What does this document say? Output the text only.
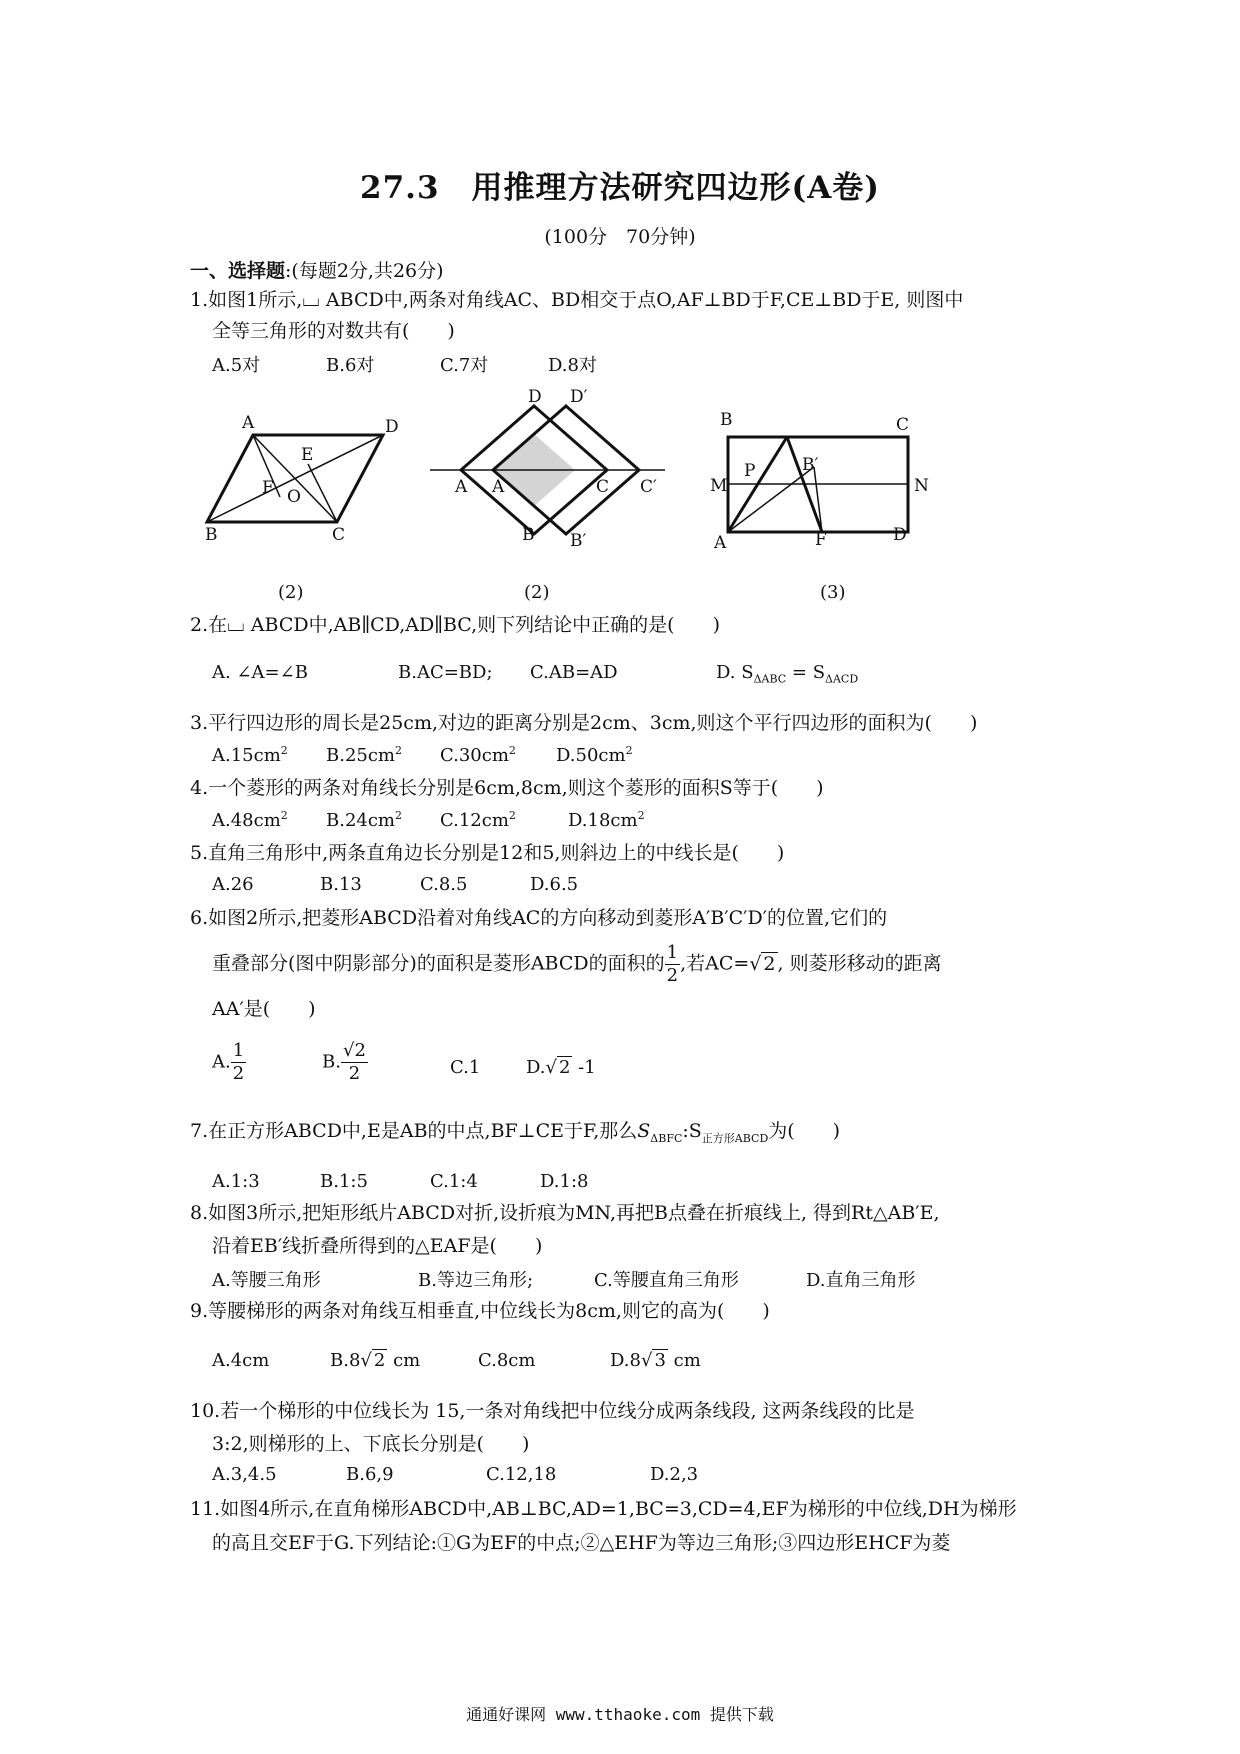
27.3　用推理方法研究四边形(A卷)
(100分　70分钟)
一、选择题:(每题2分,共26分)
1.如图1所示,⌴ ABCD中,两条对角线AC、BD相交于点O,AF⊥BD于F,CE⊥BD于E, 则图中
全等三角形的对数共有(　　)
A.5对	B.6对	C.7对	D.8对
A	D
E
F O
B	C
(2)
D D′
A A	C C′
B B′
(2)
B	C
P	B′
M	N
A	F	D
(3)
2.在⌴ ABCD中,AB∥CD,AD∥BC,则下列结论中正确的是(　　)
A. ∠A=∠B	B.AC=BD; C.AB=AD	D. $S_{\Delta ABC} = S_{\Delta ACD}$
3.平行四边形的周长是25cm,对边的距离分别是2cm、3cm,则这个平行四边形的面积为(　　)
$A.15cm^2$ $B.25cm^2$ $C.30cm^2$ $D.50cm^2$
4.一个菱形的两条对角线长分别是6cm,8cm,则这个菱形的面积S等于(　　)
$A.48cm^2$ $B.24cm^2$ $C.12cm^2$	$D.18cm^2$
5.直角三角形中,两条直角边长分别是12和5,则斜边上的中线长是(　　)
A.26	B.13	C.8.5	D.6.5
6.如图2所示,把菱形ABCD沿着对角线AC的方向移动到菱形A′B′C′D′的位置,它们的
重叠部分(图中阴影部分)的面积是菱形ABCD的面积的 $\frac{1}{2}$ ,若AC=√ 2 , 则菱形移动的距离
AA′是(　　)
A. $\frac{1}{2}$	B. $\frac{√2}{2}$	C.1	D.√ 2 -1
7.在正方形ABCD中,E是AB的中点,BF⊥CE于F,那么$S_{\Delta BFC}:S_{正方形ABCD}$为(　　)
A.1:3	B.1:5	C.1:4	D.1:8
8.如图3所示,把矩形纸片ABCD对折,设折痕为MN,再把B点叠在折痕线上, 得到Rt△AB′E,
沿着EB′线折叠所得到的△EAF是(　　)
A.等腰三角形	B.等边三角形;	C.等腰直角三角形	D.直角三角形
9.等腰梯形的两条对角线互相垂直,中位线长为8cm,则它的高为(　　)
A.4cm	B.8√ 2 cm	C.8cm	D.8√ 3 cm
10.若一个梯形的中位线长为 15,一条对角线把中位线分成两条线段, 这两条线段的比是
3:2,则梯形的上、下底长分别是(　　)
A.3,4.5	B.6,9	C.12,18	D.2,3
11.如图4所示,在直角梯形ABCD中,AB⊥BC,AD=1,BC=3,CD=4,EF为梯形的中位线,DH为梯形
的高且交EF于G.下列结论:①G为EF的中点;②△EHF为等边三角形;③四边形EHCF为菱
通通好课网 www.tthaoke.com 提供下载
